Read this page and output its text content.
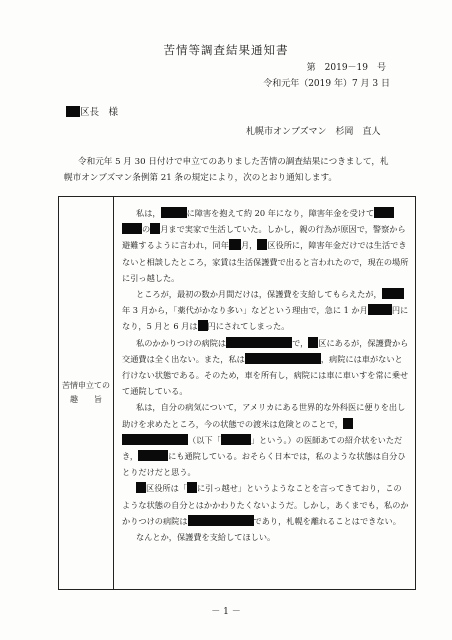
苦情等調査結果通知書
第　2019－19　号
令和元年（2019 年）7 月 3 日
区長　様
札幌市オンブズマン　杉岡　直人

令和元年 5 月 30 日付けで申立てのありました苦情の調査結果につきまして，札幌市オンブズマン条例第 21 条の規定により，次のとおり通知します。

苦情申立ての
趣　　旨

私は，	に障害を抱えて約 20 年になり，障害年金を受けての 月まで実家で生活していた。しかし，親の行為が原因で，警察から避難するように言われ，同年 月， 区役所に，障害年金だけでは生活できないと相談したところ，家賃は生活保護費で出ると言われたので，現在の場所に引っ越した。

ところが，最初の数か月間だけは，保護費を支給してもらえたが，年 3 月から，「薬代がかなり多い」などという理由で，急に 1 か月	円になり，5 月と 6 月は 円にされてしまった。

私のかかりつけの病院は	で， 区にあるが，保護費から交通費は全く出ない。また，私は	，病院には車がないと行けない状態である。そのため，車を所有し，病院には車に車いすを常に乗せて通院している。

私は，自分の病気について，アメリカにある世界的な外科医に便りを出し助けを求めたところ，今の状態での渡米は危険とのことで，（以下「	」という。）の医師あての紹介状をいただき，	にも通院している。おそらく日本では，私のような状態は自分ひとりだけだと思う。

区役所は「 に引っ越せ」というようなことを言ってきており，このような状態の自分とはかかわりたくないようだ。しかし，あくまでも，私のかかりつけの病院は	であり，札幌を離れることはできない。

なんとか，保護費を支給してほしい。

－ 1 －
